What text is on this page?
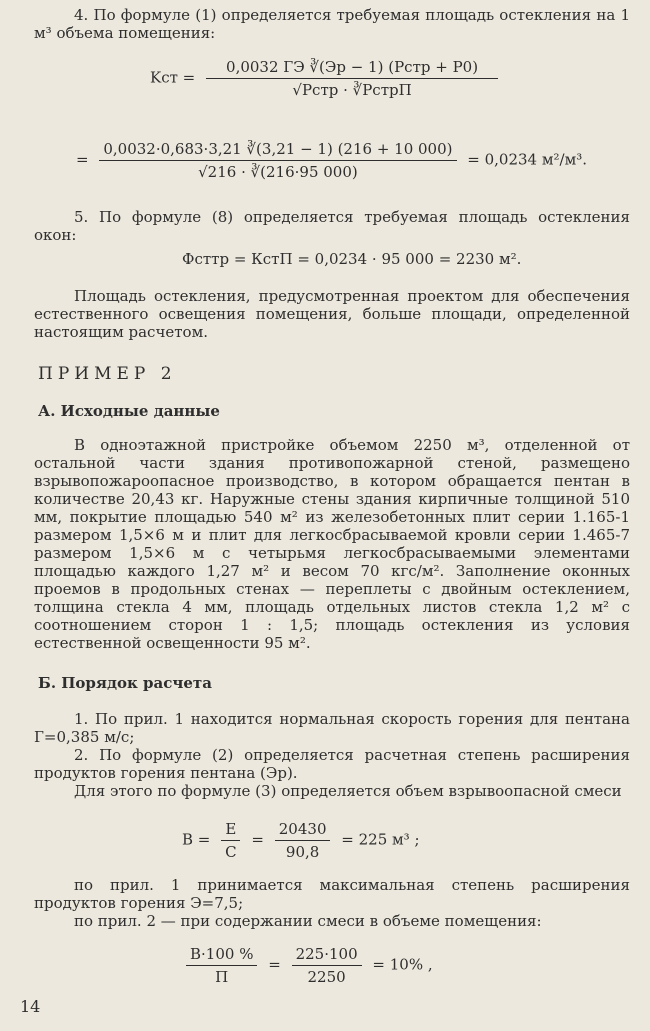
4. По формуле (1) определяется требуемая площадь остекления на 1 м³ объема помещения:

Kст = $\frac{\text{0,0032 ГЭ ∛(Эр − 1) (Pстр + P0)}}{\text{√Pстр · ∛PстрП}}$
= $\frac{0,0032\cdot 0,683\cdot 3,21 ∛(3,21 - 1) (216 + 10 000)}{√216 \cdot ∛(216\cdot 95 000)} = 0,0234$ м²/м³.

5. По формуле (8) определяется требуемая площадь остекления окон:

Фсттр = КстП = 0,0234 · 95 000 = 2230 м².

Площадь остекления, предусмотренная проектом для обеспечения естественного освещения помещения, больше площади, определенной настоящим расчетом.

ПРИМЕР 2
А. Исходные данные

В одноэтажной пристройке объемом 2250 м³, отделенной от остальной части здания противопожарной стеной, размещено взрывопожароопасное производство, в котором обращается пентан в количестве 20,43 кг. Наружные стены здания кирпичные толщиной 510 мм, покрытие площадью 540 м² из железобетонных плит серии 1.165-1 размером 1,5×6 м и плит для легкосбрасываемой кровли серии 1.465-7 размером 1,5×6 м с четырьмя легкосбрасываемыми элементами площадью каждого 1,27 м² и весом 70 кгс/м². Заполнение оконных проемов в продольных стенах — переплеты с двойным остеклением, толщина стекла 4 мм, площадь отдельных листов стекла 1,2 м² с соотношением сторон 1 : 1,5; площадь остекления из условия естественной освещенности 95 м².

Б. Порядок расчета

1. По прил. 1 находится нормальная скорость горения для пентана Г=0,385 м/с;

2. По формуле (2) определяется расчетная степень расширения продуктов горения пентана (Эр).

Для этого по формуле (3) определяется объем взрывоопасной смеси

$B = \frac{E}{C} = \frac{20430}{90,8} = 225$ м³ ;

по прил. 1 принимается максимальная степень расширения продуктов горения Э=7,5;

по прил. 2 — при содержании смеси в объеме помещения:

$\frac{B\cdot 100 \%}{П} = \frac{225\cdot 100}{2250} = 10\%$ ,
14
